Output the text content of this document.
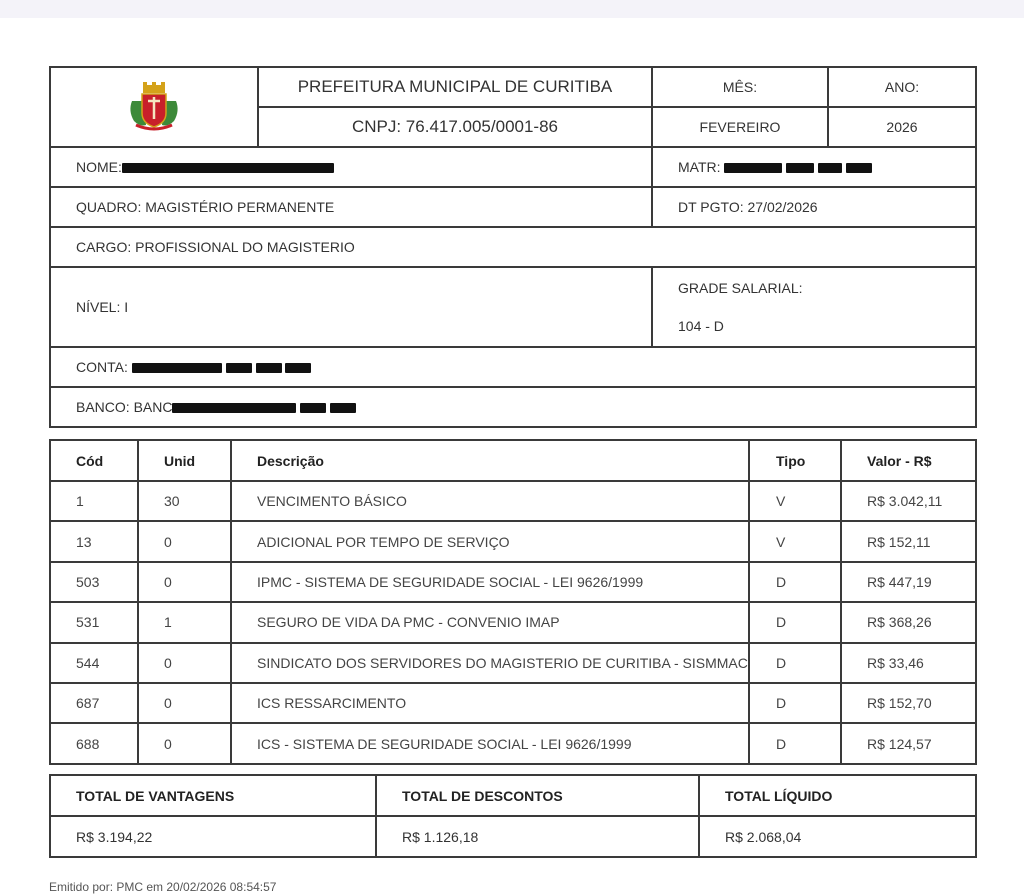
	PREFEITURA MUNICIPAL DE CURITIBA	MÊS:	ANO:
	CNPJ: 76.417.005/0001-86	FEVEREIRO	2026
NOME:		MATR:	
QUADRO: MAGISTÉRIO PERMANENTE		DT PGTO: 27/02/2026	
CARGO: PROFISSIONAL DO MAGISTERIO			
NÍVEL: I		GRADE SALARIAL:
104 - D	

CONTA:			
BANCO: BANC			
Cód	Unid	Descrição	Tipo	Valor - R$
1	30	VENCIMENTO BÁSICO	V	R$ 3.042,11
13	0	ADICIONAL POR TEMPO DE SERVIÇO	V	R$ 152,11
503	0	IPMC - SISTEMA DE SEGURIDADE SOCIAL - LEI 9626/1999	D	R$ 447,19
531	1	SEGURO DE VIDA DA PMC - CONVENIO IMAP	D	R$ 368,26
544	0	SINDICATO DOS SERVIDORES DO MAGISTERIO DE CURITIBA - SISMMAC	D	R$ 33,46
687	0	ICS RESSARCIMENTO	D	R$ 152,70
688	0	ICS - SISTEMA DE SEGURIDADE SOCIAL - LEI 9626/1999	D	R$ 124,57
TOTAL DE VANTAGENS	TOTAL DE DESCONTOS	TOTAL LÍQUIDO
R$ 3.194,22	R$ 1.126,18	R$ 2.068,04
Emitido por: PMC em 20/02/2026 08:54:57
